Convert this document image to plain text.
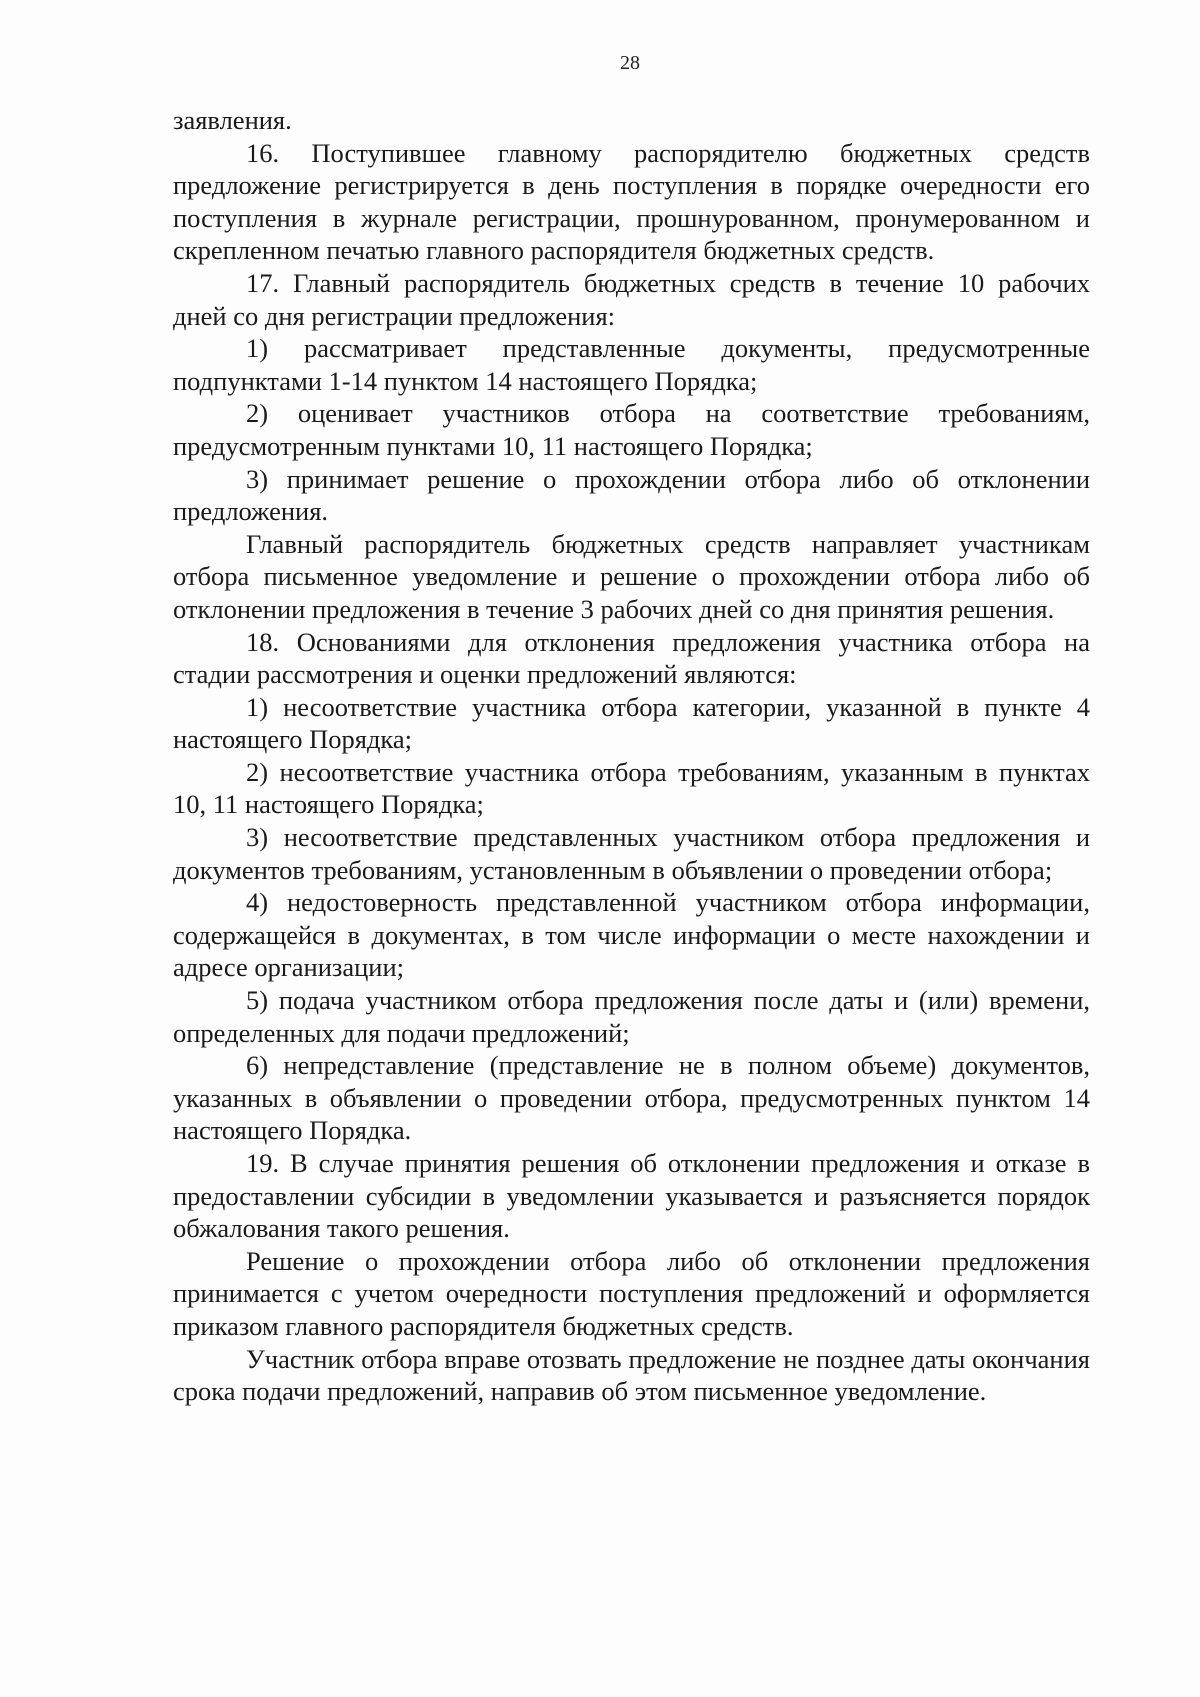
28

заявления.

16. Поступившее главному распорядителю бюджетных средств предложение регистрируется в день поступления в порядке очередности его поступления в журнале регистрации, прошнурованном, пронумерованном и скрепленном печатью главного распорядителя бюджетных средств.

17. Главный распорядитель бюджетных средств в течение 10 рабочих дней со дня регистрации предложения:

1) рассматривает представленные документы, предусмотренные подпунктами 1-14 пунктом 14 настоящего Порядка;

2) оценивает участников отбора на соответствие требованиям, предусмотренным пунктами 10, 11 настоящего Порядка;

3) принимает решение о прохождении отбора либо об отклонении предложения.

Главный распорядитель бюджетных средств направляет участникам отбора письменное уведомление и решение о прохождении отбора либо об отклонении предложения в течение 3 рабочих дней со дня принятия решения.

18. Основаниями для отклонения предложения участника отбора на стадии рассмотрения и оценки предложений являются:

1) несоответствие участника отбора категории, указанной в пункте 4 настоящего Порядка;

2) несоответствие участника отбора требованиям, указанным в пунктах 10, 11 настоящего Порядка;

3) несоответствие представленных участником отбора предложения и документов требованиям, установленным в объявлении о проведении отбора;

4) недостоверность представленной участником отбора информации, содержащейся в документах, в том числе информации о месте нахождении и адресе организации;

5) подача участником отбора предложения после даты и (или) времени, определенных для подачи предложений;

6) непредставление (представление не в полном объеме) документов, указанных в объявлении о проведении отбора, предусмотренных пунктом 14 настоящего Порядка.

19. В случае принятия решения об отклонении предложения и отказе в предоставлении субсидии в уведомлении указывается и разъясняется порядок обжалования такого решения.

Решение о прохождении отбора либо об отклонении предложения принимается с учетом очередности поступления предложений и оформляется приказом главного распорядителя бюджетных средств.

Участник отбора вправе отозвать предложение не позднее даты окончания срока подачи предложений, направив об этом письменное уведомление.
